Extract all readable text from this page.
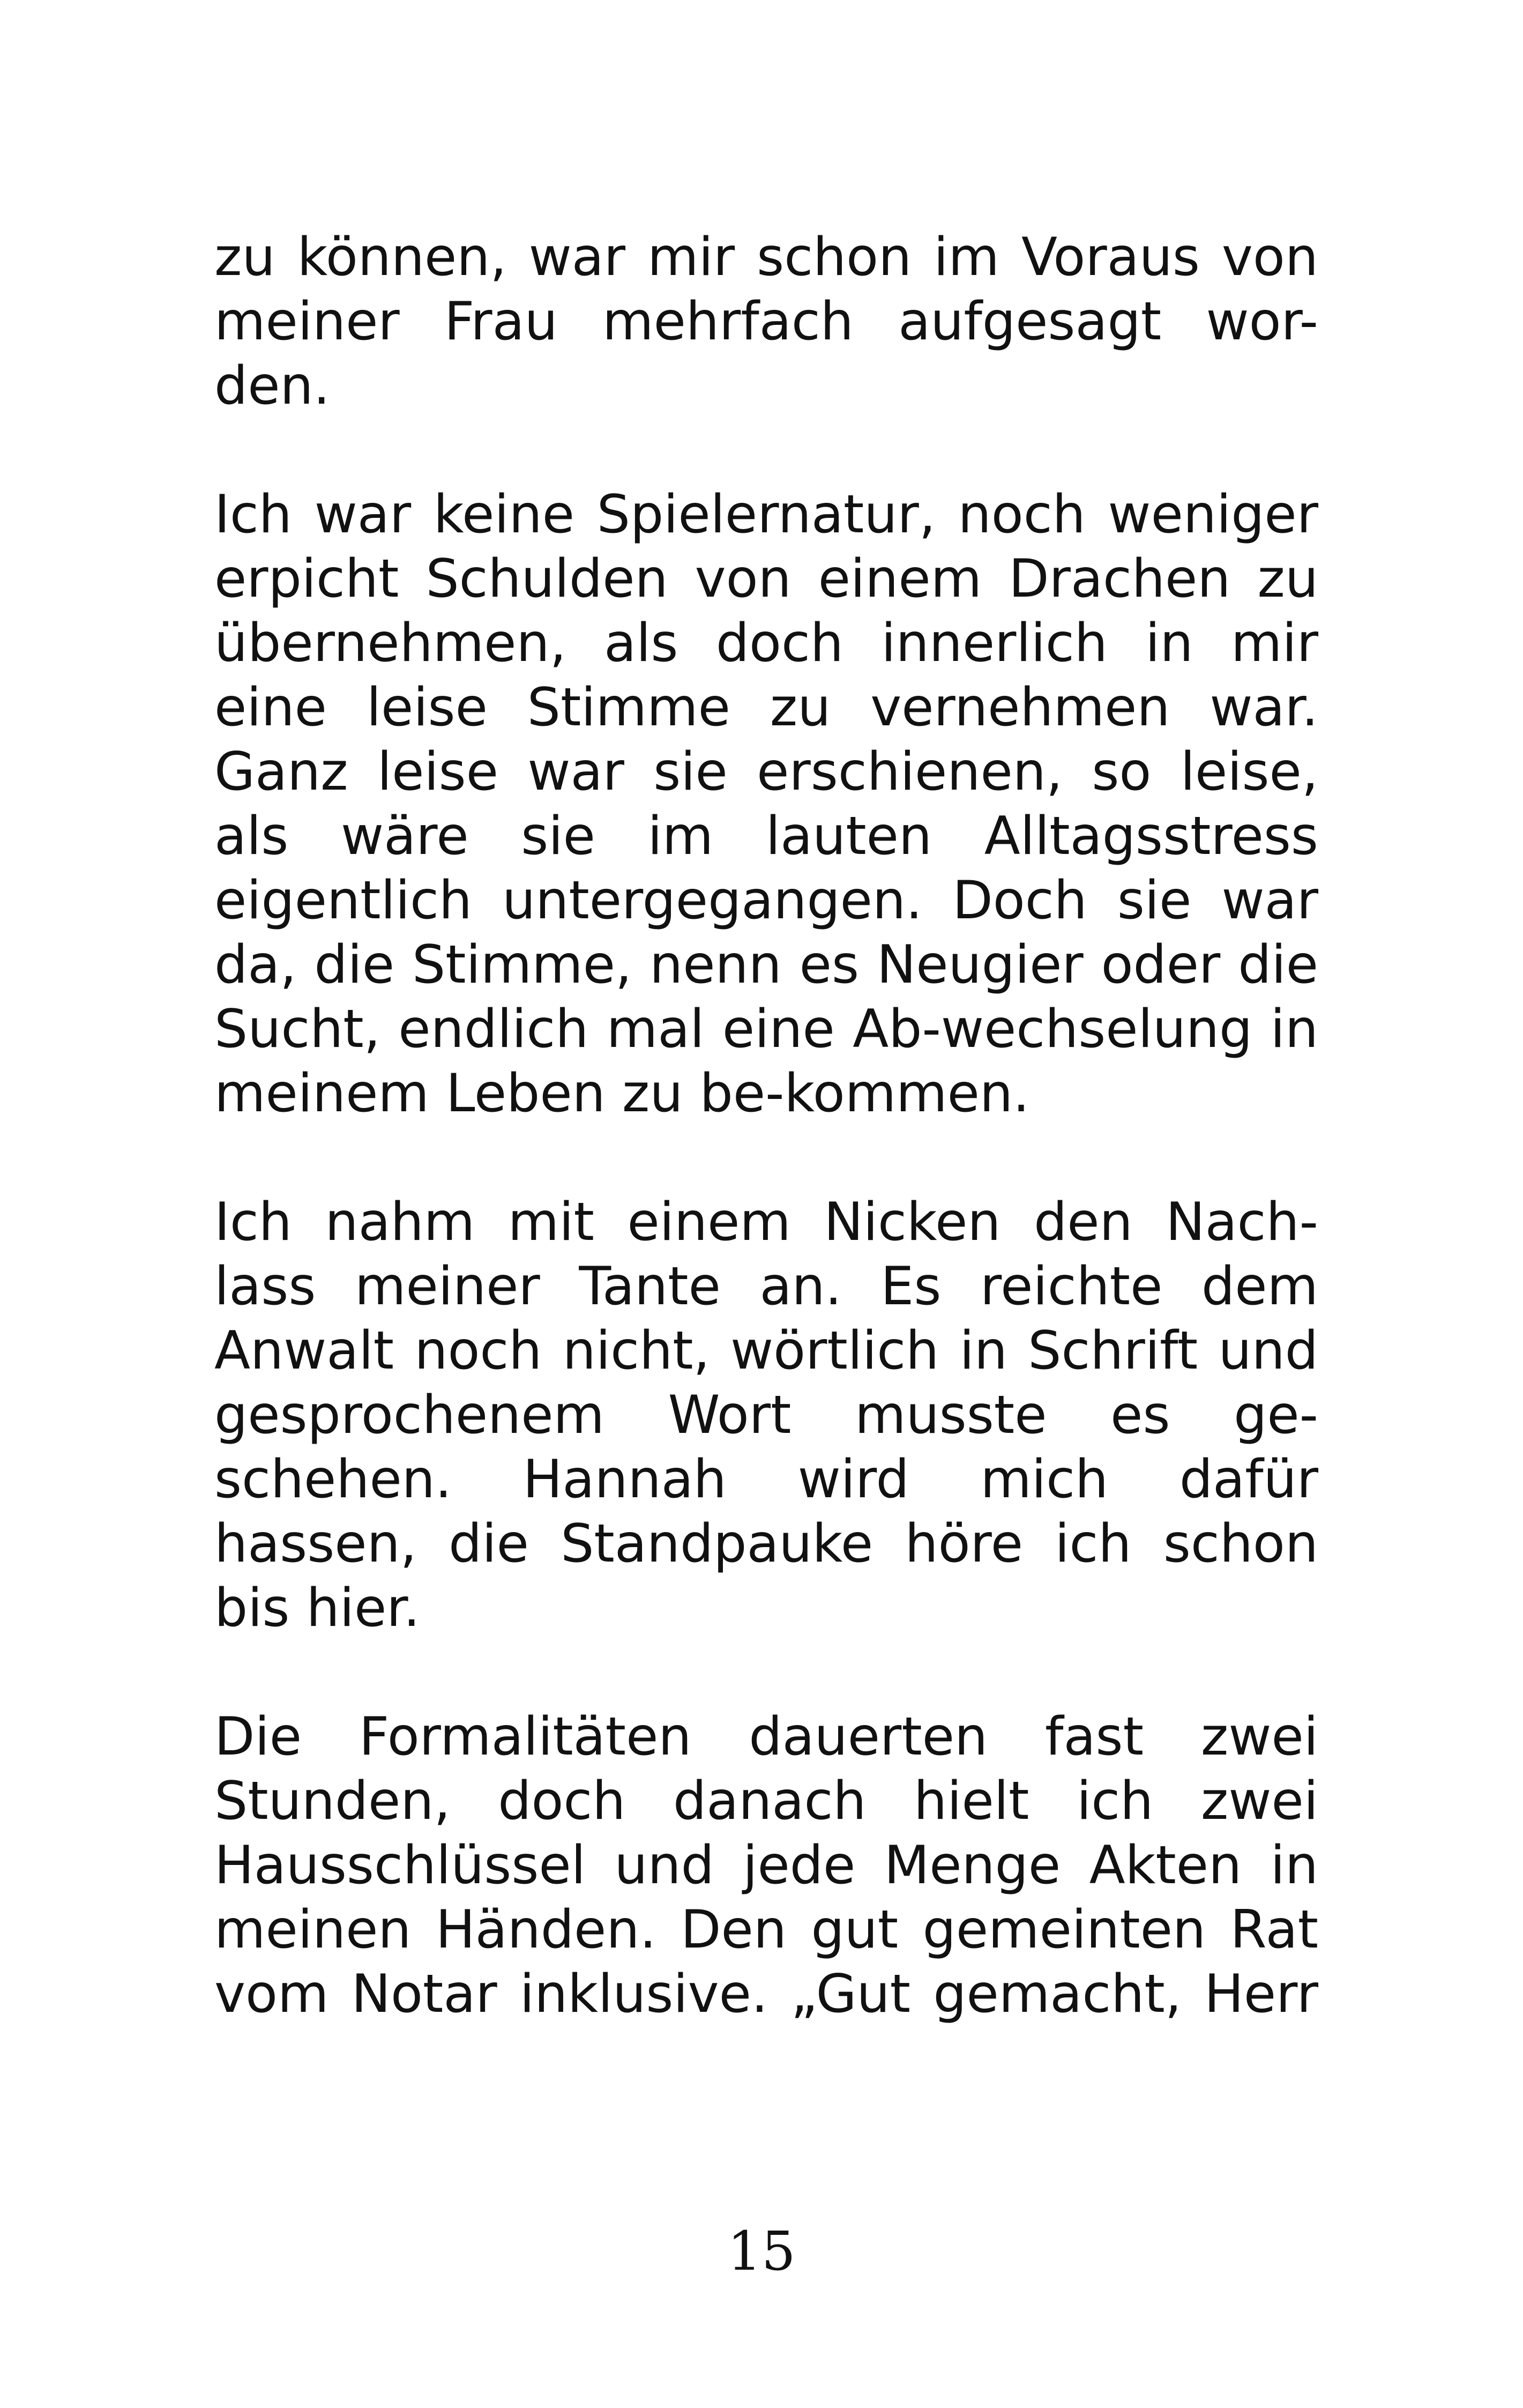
zu können, war mir schon im Voraus von meiner Frau mehrfach aufgesagt wor-den.

Ich war keine Spielernatur, noch weniger erpicht Schulden von einem Drachen zu übernehmen, als doch innerlich in mir eine leise Stimme zu vernehmen war. Ganz leise war sie erschienen, so leise, als wäre sie im lauten Alltagsstress eigentlich untergegangen. Doch sie war da, die Stimme, nenn es Neugier oder die Sucht, endlich mal eine Ab-wechselung in meinem Leben zu be-kommen.

Ich nahm mit einem Nicken den Nach-lass meiner Tante an. Es reichte dem Anwalt noch nicht, wörtlich in Schrift und gesprochenem Wort musste es ge-schehen. Hannah wird mich dafür hassen, die Standpauke höre ich schon bis hier.

Die Formalitäten dauerten fast zwei Stunden, doch danach hielt ich zwei Hausschlüssel und jede Menge Akten in meinen Händen. Den gut gemeinten Rat vom Notar inklusive. „Gut gemacht, Herr

15
